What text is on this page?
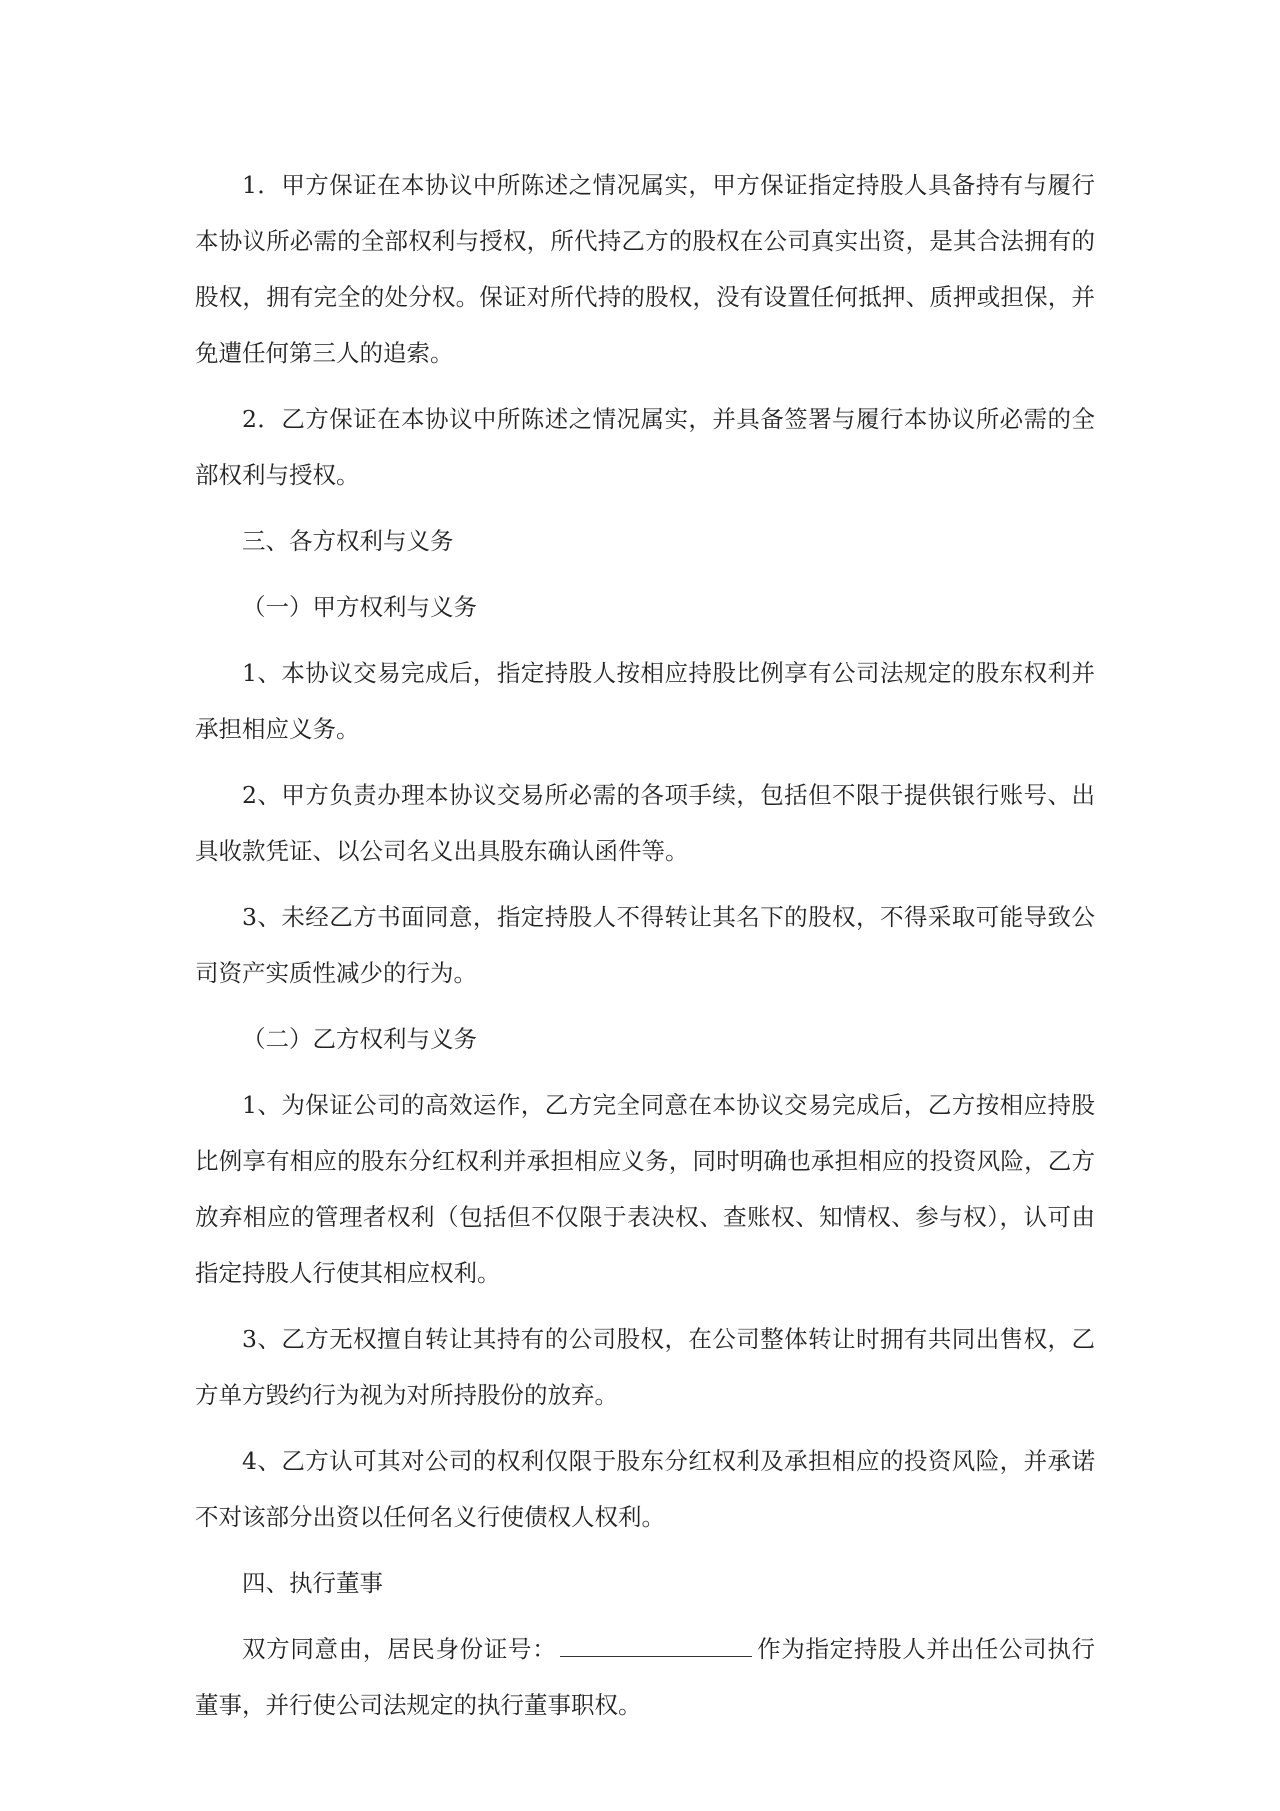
1．甲方保证在本协议中所陈述之情况属实，甲方保证指定持股人具备持有与履行本协议所必需的全部权利与授权，所代持乙方的股权在公司真实出资，是其合法拥有的股权，拥有完全的处分权。保证对所代持的股权，没有设置任何抵押、质押或担保，并免遭任何第三人的追索。

2．乙方保证在本协议中所陈述之情况属实，并具备签署与履行本协议所必需的全部权利与授权。

三、各方权利与义务

（一）甲方权利与义务

1、本协议交易完成后，指定持股人按相应持股比例享有公司法规定的股东权利并承担相应义务。

2、甲方负责办理本协议交易所必需的各项手续，包括但不限于提供银行账号、出具收款凭证、以公司名义出具股东确认函件等。

3、未经乙方书面同意，指定持股人不得转让其名下的股权，不得采取可能导致公司资产实质性减少的行为。

（二）乙方权利与义务

1、为保证公司的高效运作，乙方完全同意在本协议交易完成后，乙方按相应持股比例享有相应的股东分红权利并承担相应义务，同时明确也承担相应的投资风险，乙方放弃相应的管理者权利（包括但不仅限于表决权、查账权、知情权、参与权），认可由指定持股人行使其相应权利。

3、乙方无权擅自转让其持有的公司股权，在公司整体转让时拥有共同出售权，乙方单方毁约行为视为对所持股份的放弃。

4、乙方认可其对公司的权利仅限于股东分红权利及承担相应的投资风险，并承诺不对该部分出资以任何名义行使债权人权利。

四、执行董事

双方同意由，居民身份证号：	作为指定持股人并出任公司执行董事，并行使公司法规定的执行董事职权。
